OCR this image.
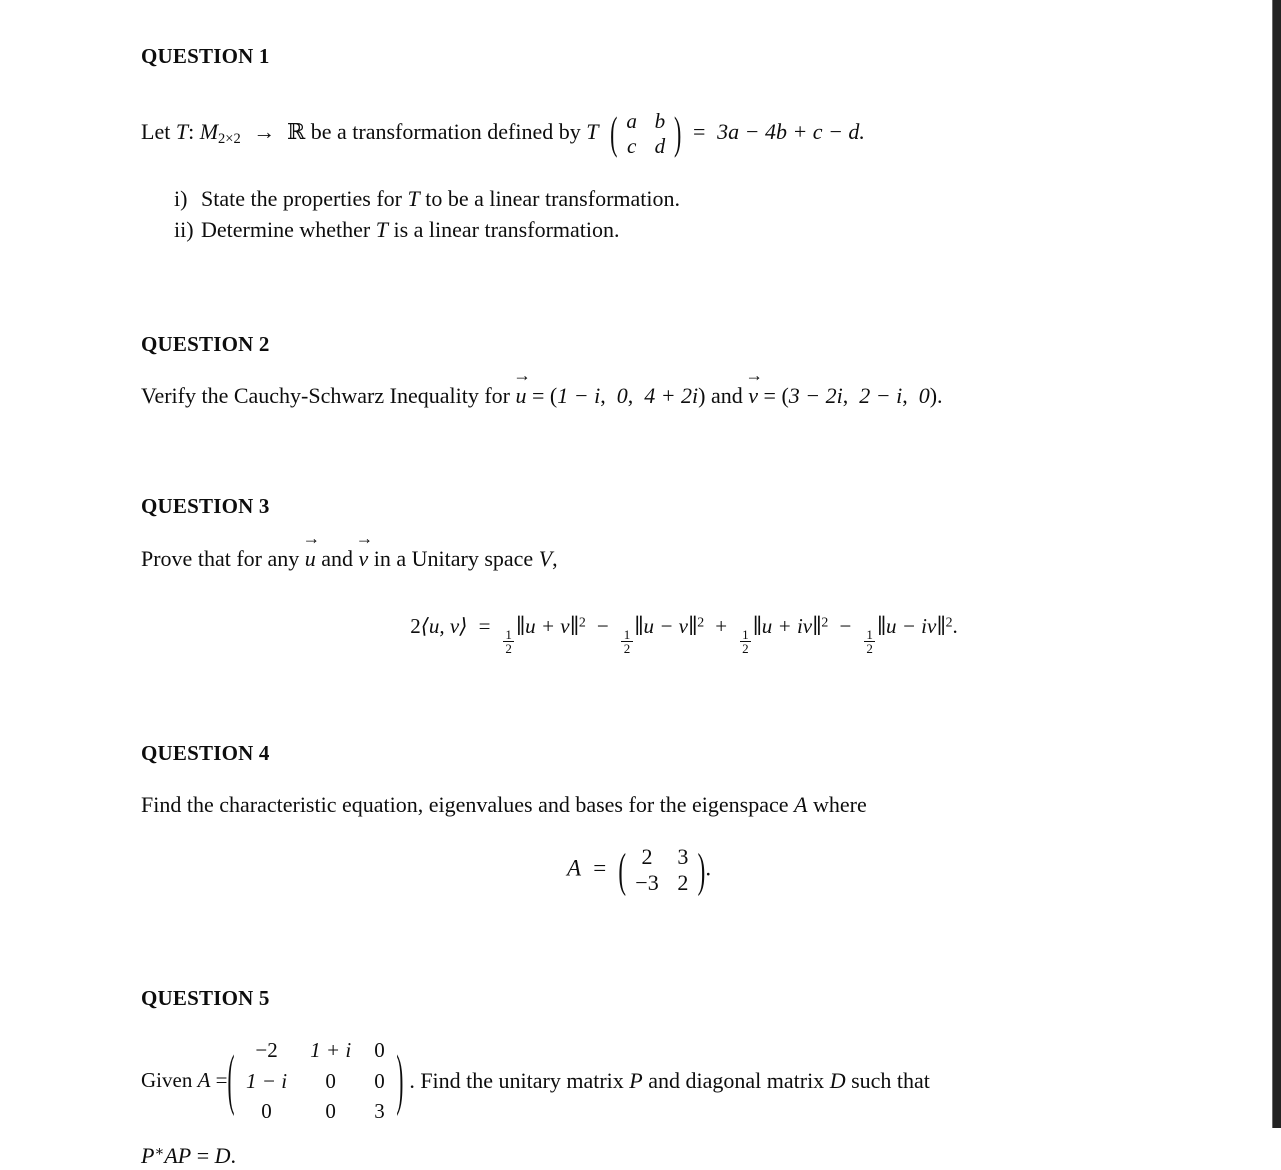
QUESTION 1
Let T: $M_{2\times 2}$ → ℝ be a transformation defined by T ( a b
c d ) = 3a − 4b + c − d.
i) State the properties for T to be a linear transformation.
ii) Determine whether T is a linear transformation.
QUESTION 2
Verify the Cauchy-Schwarz Inequality for
→
u = (1 − i,  0,  4 + 2i) and
→
v = (3 − 2i,  2 − i,  0).
QUESTION 3
Prove that for any
→
u and
→
v in a Unitary space V,
2⟨u, v⟩ =
$\frac{1}{2}$
∥u + v∥$^2$ −
$\frac{1}{2}$
∥u − v∥$^2$ +
$\frac{1}{2}$
∥u + iv∥$^2$ −
$\frac{1}{2}$
∥u − iv∥$^2$.
QUESTION 4
Find the characteristic equation, eigenvalues and bases for the eigenspace A where
A = ( 2	3
−3 2 ) .
QUESTION 5
Given A = ( −2	1 + i	0
1 − i	0	0
0	0	3 ) . Find the unitary matrix P and diagonal matrix D such that
P∗AP = D.
